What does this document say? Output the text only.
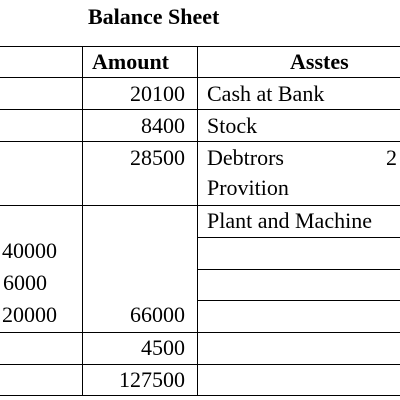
Balance Sheet
Amount	Asstes
20100
8400
28500
66000
4500
127500
40000
6000
20000
Cash at Bank
Stock
Debtrors	2
Provition
Plant and Machine
